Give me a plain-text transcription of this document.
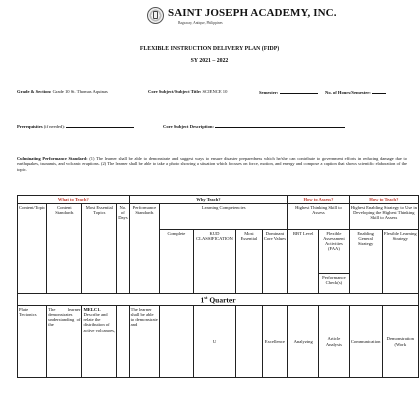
SAINT JOSEPH ACADEMY, INC.
Bagsacay, Antique, Philippines
FLEXIBLE INSTRUCTION DELIVERY PLAN (FIDP)
SY 2021 – 2022
Grade & Section: Grade 10 St. Thomas Aquinas	Core Subject/Subject Title: SCIENCE 10	Semester:	No. of Hours/Semester:
Prerequisites (if needed):	Core Subject Description:
Culminating Performance Standard: (1) The learner shall be able to demonstrate and suggest ways to ensure disaster preparedness which he/she can contribute to government efforts in reducing damage due to earthquakes, tsunamis, and volcanic eruptions. (2) The learner shall be able to take a photo showing a situation which focuses on force, motion, and energy and compose a caption that shows scientific elaboration of the topic.
What to Teach?				Why Teach?					How to Assess?		How to Teach?	
Content/Topic	Content Standards	Most Essential Topics	No. of Days	Performance Standards	Learning Competencies				Highest Thinking Skill to Assess		Highest Enabling Strategy to Use in Developing the Highest Thinking Skill to Assess	
					Complete	KUD CLASSIFICATION	Most Essential	Dominant Core Values	RBT Level	Flexible Assessment Activities (FAA)	Enabling General Strategy	Flexible Learning Strategy
										Performance Check(s)		
1st Quarter												
Plate Tectonics	The learner demonstrates understanding of the	MELC1. Describe and relate the distribution of active volcanoes,		The learner shall be able to demonstrate and		U		Excellence	Analyzing	Article Analysis	Communication	Demonstration (Work
